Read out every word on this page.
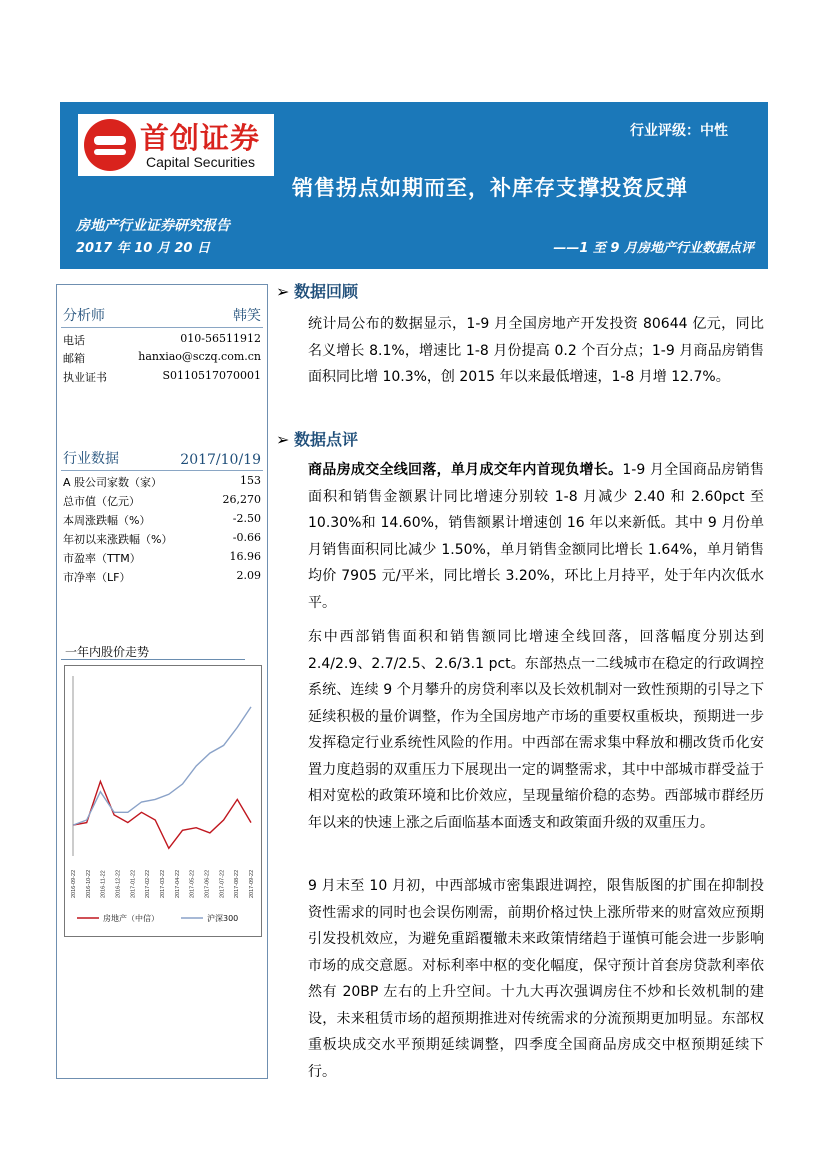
首创证券
Capital Securities
行业评级：中性
销售拐点如期而至，补库存支撑投资反弹
房地产行业证券研究报告
2017 年 10 月 20 日	——1 至 9 月房地产行业数据点评
分析师	韩笑
电话	010-56511912
邮箱	hanxiao@sczq.com.cn
执业证书	S0110517070001
行业数据	2017/10/19
A 股公司家数（家）	153
总市值（亿元）	26,270
本周涨跌幅（%）	-2.50
年初以来涨跌幅（%）	-0.66
市盈率（TTM）	16.96
市净率（LF）	2.09
一年内股价走势
2016-09-22 2016-10-22 2016-11-22 2016-12-22 2017-01-22 2017-02-22 2017-03-22 2017-04-22 2017-05-22 2017-06-22 2017-07-22 2017-08-22 2017-09-22
房地产（中信）	沪深300
➢ 数据回顾

统计局公布的数据显示，1-9 月全国房地产开发投资 80644 亿元，同比名义增长 8.1%，增速比 1-8 月份提高 0.2 个百分点；1-9 月商品房销售面积同比增 10.3%，创 2015 年以来最低增速，1-8 月增 12.7%。

➢ 数据点评

商品房成交全线回落，单月成交年内首现负增长。1-9 月全国商品房销售面积和销售金额累计同比增速分别较 1-8 月减少 2.40 和 2.60pct 至 10.30%和 14.60%，销售额累计增速创 16 年以来新低。其中 9 月份单月销售面积同比减少 1.50%，单月销售金额同比增长 1.64%，单月销售均价 7905 元/平米，同比增长 3.20%，环比上月持平，处于年内次低水平。

东中西部销售面积和销售额同比增速全线回落，回落幅度分别达到 2.4/2.9、2.7/2.5、2.6/3.1 pct。东部热点一二线城市在稳定的行政调控系统、连续 9 个月攀升的房贷利率以及长效机制对一致性预期的引导之下延续积极的量价调整，作为全国房地产市场的重要权重板块，预期进一步发挥稳定行业系统性风险的作用。中西部在需求集中释放和棚改货币化安置力度趋弱的双重压力下展现出一定的调整需求，其中中部城市群受益于相对宽松的政策环境和比价效应，呈现量缩价稳的态势。西部城市群经历年以来的快速上涨之后面临基本面透支和政策面升级的双重压力。

9 月末至 10 月初，中西部城市密集跟进调控，限售版图的扩围在抑制投资性需求的同时也会误伤刚需，前期价格过快上涨所带来的财富效应预期引发投机效应，为避免重蹈覆辙未来政策情绪趋于谨慎可能会进一步影响市场的成交意愿。对标利率中枢的变化幅度，保守预计首套房贷款利率依然有 20BP 左右的上升空间。十九大再次强调房住不炒和长效机制的建设，未来租赁市场的超预期推进对传统需求的分流预期更加明显。东部权重板块成交水平预期延续调整，四季度全国商品房成交中枢预期延续下行。
